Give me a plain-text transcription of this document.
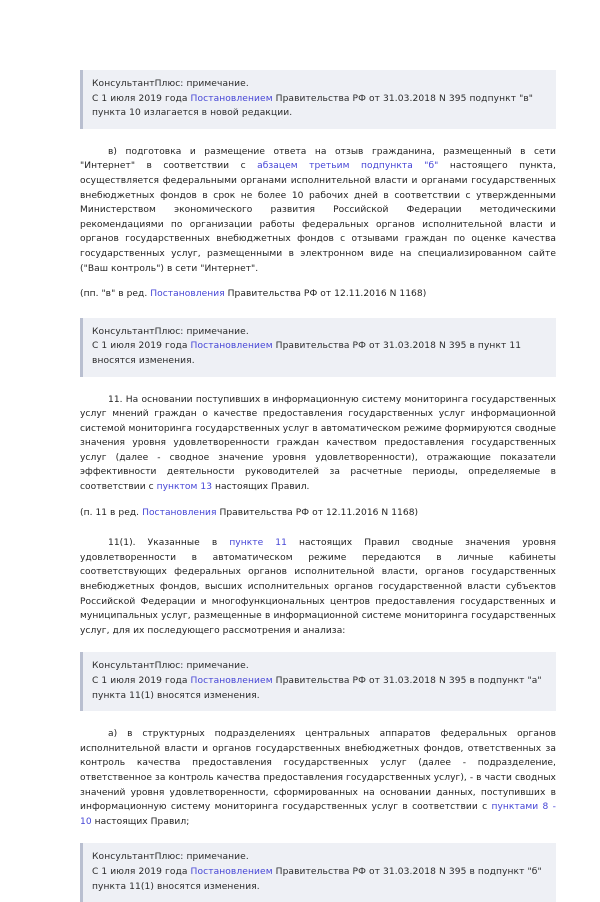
КонсультантПлюс: примечание.
С 1 июля 2019 года Постановлением Правительства РФ от 31.03.2018 N 395 подпункт "в" пункта 10 излагается в новой редакции.

в) подготовка и размещение ответа на отзыв гражданина, размещенный в сети "Интернет" в соответствии с абзацем третьим подпункта "б" настоящего пункта, осуществляется федеральными органами исполнительной власти и органами государственных внебюджетных фондов в срок не более 10 рабочих дней в соответствии с утвержденными Министерством экономического развития Российской Федерации методическими рекомендациями по организации работы федеральных органов исполнительной власти и органов государственных внебюджетных фондов с отзывами граждан по оценке качества государственных услуг, размещенными в электронном виде на специализированном сайте ("Ваш контроль") в сети "Интернет".

(пп. "в" в ред. Постановления Правительства РФ от 12.11.2016 N 1168)

КонсультантПлюс: примечание.
С 1 июля 2019 года Постановлением Правительства РФ от 31.03.2018 N 395 в пункт 11 вносятся изменения.

11. На основании поступивших в информационную систему мониторинга государственных услуг мнений граждан о качестве предоставления государственных услуг информационной системой мониторинга государственных услуг в автоматическом режиме формируются сводные значения уровня удовлетворенности граждан качеством предоставления государственных услуг (далее - сводное значение уровня удовлетворенности), отражающие показатели эффективности деятельности руководителей за расчетные периоды, определяемые в соответствии с пунктом 13 настоящих Правил.

(п. 11 в ред. Постановления Правительства РФ от 12.11.2016 N 1168)

11(1). Указанные в пункте 11 настоящих Правил сводные значения уровня удовлетворенности в автоматическом режиме передаются в личные кабинеты соответствующих федеральных органов исполнительной власти, органов государственных внебюджетных фондов, высших исполнительных органов государственной власти субъектов Российской Федерации и многофункциональных центров предоставления государственных и муниципальных услуг, размещенные в информационной системе мониторинга государственных услуг, для их последующего рассмотрения и анализа:

КонсультантПлюс: примечание.
С 1 июля 2019 года Постановлением Правительства РФ от 31.03.2018 N 395 в подпункт "а" пункта 11(1) вносятся изменения.

а) в структурных подразделениях центральных аппаратов федеральных органов исполнительной власти и органов государственных внебюджетных фондов, ответственных за контроль качества предоставления государственных услуг (далее - подразделение, ответственное за контроль качества предоставления государственных услуг), - в части сводных значений уровня удовлетворенности, сформированных на основании данных, поступивших в информационную систему мониторинга государственных услуг в соответствии с пунктами 8 - 10 настоящих Правил;

КонсультантПлюс: примечание.
С 1 июля 2019 года Постановлением Правительства РФ от 31.03.2018 N 395 в подпункт "б" пункта 11(1) вносятся изменения.
